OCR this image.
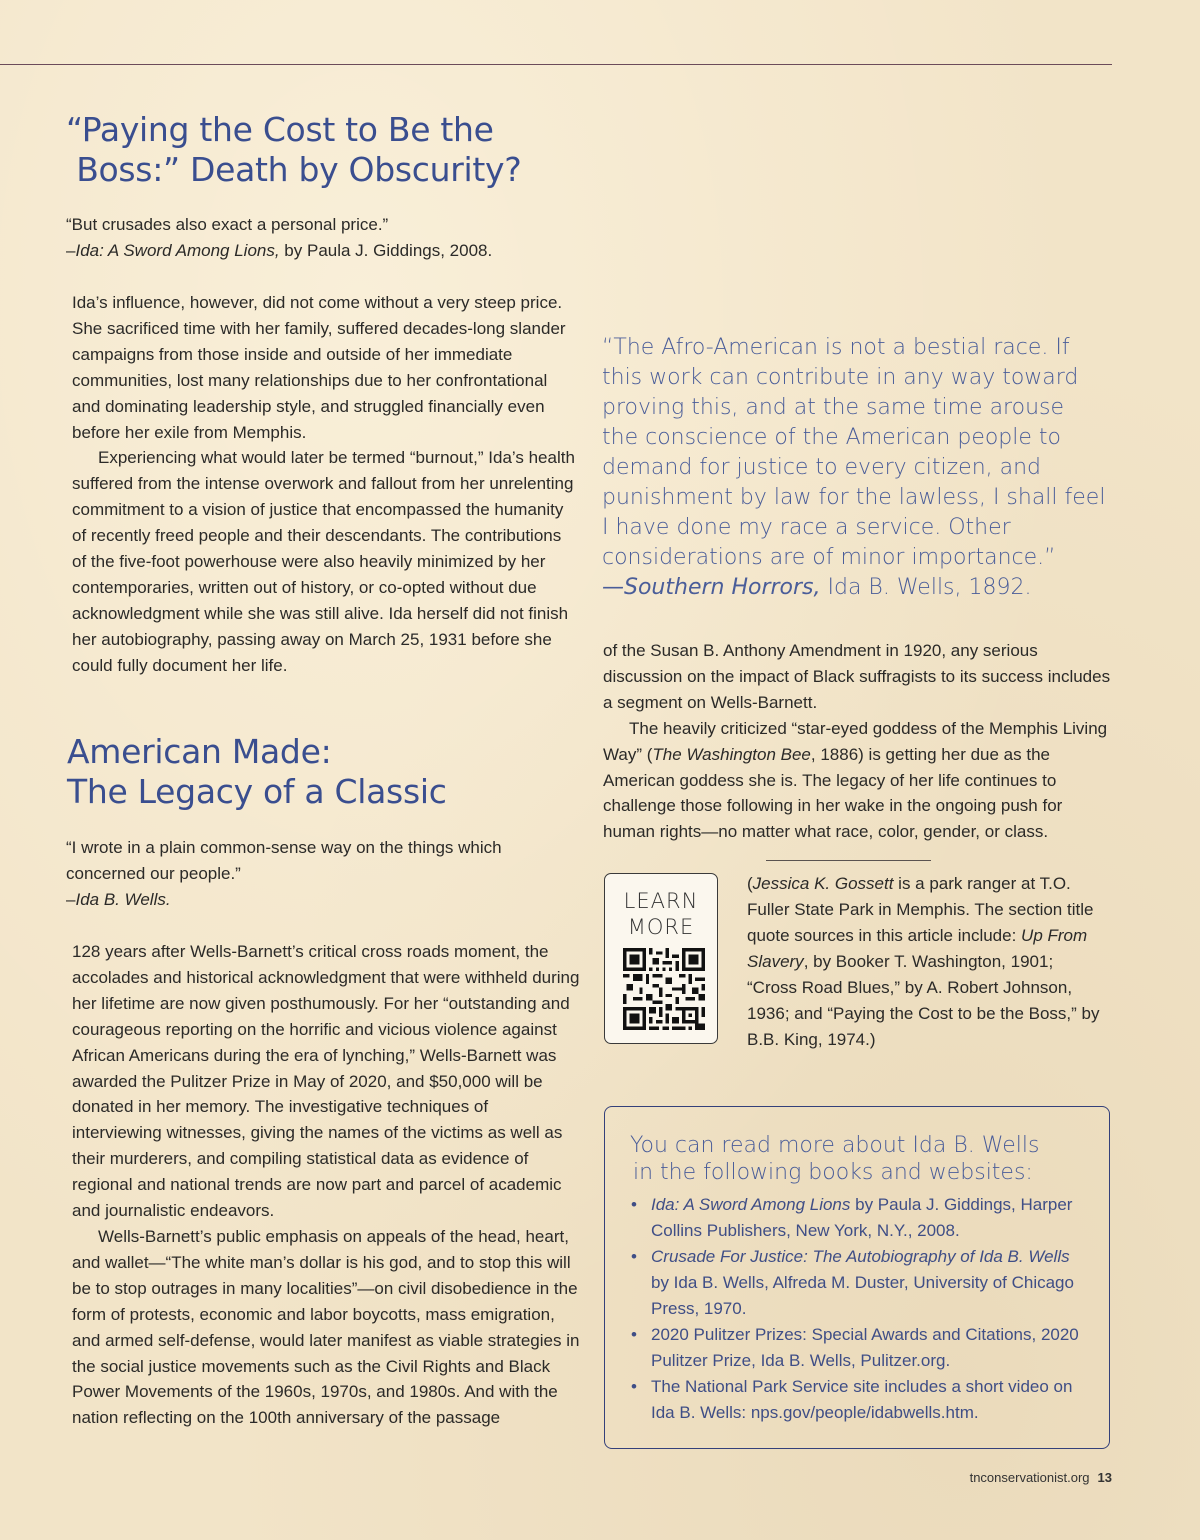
“Paying the Cost to Be the
Boss:” Death by Obscurity?

“But crusades also exact a personal price.”

–Ida: A Sword Among Lions, by Paula J. Giddings, 2008.

Ida’s influence, however, did not come without a very steep price. She sacrificed time with her family, suffered decades-long slander campaigns from those inside and outside of her immediate communities, lost many relationships due to her confrontational and dominating leadership style, and struggled financially even before her exile from Memphis.

Experiencing what would later be termed “burnout,” Ida’s health suffered from the intense overwork and fallout from her unrelenting commitment to a vision of justice that encompassed the humanity of recently freed people and their descendants. The contributions of the five-foot powerhouse were also heavily minimized by her contemporaries, written out of history, or co-opted without due acknowledgment while she was still alive. Ida herself did not finish her autobiography, passing away on March 25, 1931 before she could fully document her life.

American Made:
The Legacy of a Classic

“I wrote in a plain common-sense way on the things which concerned our people.”

–Ida B. Wells.

128 years after Wells-Barnett’s critical cross roads moment, the accolades and historical acknowledgment that were withheld during her lifetime are now given posthumously. For her “outstanding and courageous reporting on the horrific and vicious violence against African Americans during the era of lynching,” Wells-Barnett was awarded the Pulitzer Prize in May of 2020, and $50,000 will be donated in her memory. The investigative techniques of interviewing witnesses, giving the names of the victims as well as their murderers, and compiling statistical data as evidence of regional and national trends are now part and parcel of academic and journalistic endeavors.

Wells-Barnett’s public emphasis on appeals of the head, heart, and wallet—“The white man’s dollar is his god, and to stop this will be to stop outrages in many localities”—on civil disobedience in the form of protests, economic and labor boycotts, mass emigration, and armed self-defense, would later manifest as viable strategies in the social justice movements such as the Civil Rights and Black Power Movements of the 1960s, 1970s, and 1980s. And with the nation reflecting on the 100th anniversary of the passage

“The Afro-American is not a bestial race. If this work can contribute in any way toward proving this, and at the same time arouse the conscience of the American people to demand for justice to every citizen, and punishment by law for the lawless, I shall feel I have done my race a service. Other considerations are of minor importance.”

—Southern Horrors, Ida B. Wells, 1892.

of the Susan B. Anthony Amendment in 1920, any serious discussion on the impact of Black suffragists to its success includes a segment on Wells-Barnett.

The heavily criticized “star-eyed goddess of the Memphis Living Way” (The Washington Bee, 1886) is getting her due as the American goddess she is. The legacy of her life continues to challenge those following in her wake in the ongoing push for human rights—no matter what race, color, gender, or class.

LEARN
MORE

(Jessica K. Gossett is a park ranger at T.O. Fuller State Park in Memphis. The section title quote sources in this article include: Up From Slavery, by Booker T. Washington, 1901; “Cross Road Blues,” by A. Robert Johnson, 1936; and “Paying the Cost to be the Boss,” by B.B. King, 1974.)

You can read more about Ida B. Wells
in the following books and websites:
• Ida: A Sword Among Lions by Paula J. Giddings, Harper Collins Publishers, New York, N.Y., 2008.
• Crusade For Justice: The Autobiography of Ida B. Wells by Ida B. Wells, Alfreda M. Duster, University of Chicago Press, 1970.
• 2020 Pulitzer Prizes: Special Awards and Citations, 2020 Pulitzer Prize, Ida B. Wells, Pulitzer.org.
• The National Park Service site includes a short video on Ida B. Wells: nps.gov/people/idabwells.htm.
tnconservationist.org 13
